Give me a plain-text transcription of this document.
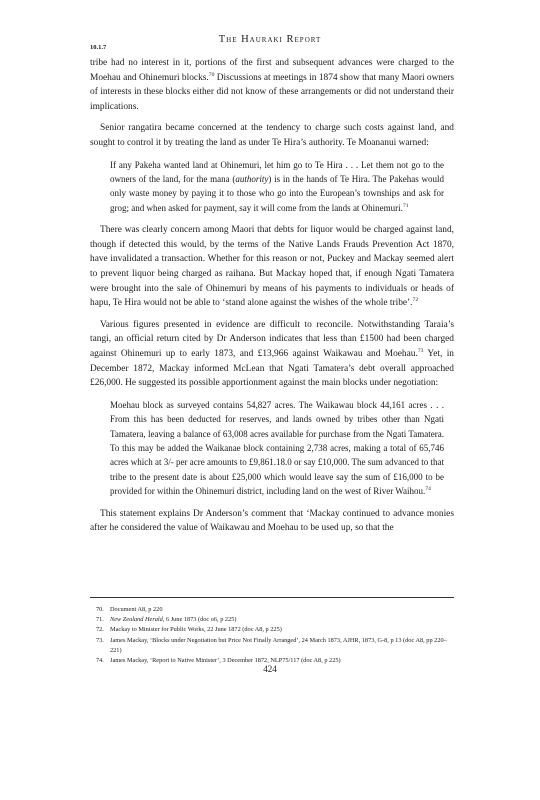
The Hauraki Report
10.1.7

tribe had no interest in it, portions of the first and subsequent advances were charged to the Moehau and Ohinemuri blocks.$^{70}$ Discussions at meetings in 1874 show that many Maori owners of interests in these blocks either did not know of these arrangements or did not understand their implications.

Senior rangatira became concerned at the tendency to charge such costs against land, and sought to control it by treating the land as under Te Hira’s authority. Te Moananui warned:

If any Pakeha wanted land at Ohinemuri, let him go to Te Hira . . . Let them not go to the owners of the land, for the mana (authority) is in the hands of Te Hira. The Pakehas would only waste money by paying it to those who go into the European’s townships and ask for grog; and when asked for payment, say it will come from the lands at Ohinemuri.$^{71}$

There was clearly concern among Maori that debts for liquor would be charged against land, though if detected this would, by the terms of the Native Lands Frauds Prevention Act 1870, have invalidated a transaction. Whether for this reason or not, Puckey and Mackay seemed alert to prevent liquor being charged as raihana. But Mackay hoped that, if enough Ngati Tamatera were brought into the sale of Ohinemuri by means of his payments to individuals or heads of hapu, Te Hira would not be able to ‘stand alone against the wishes of the whole tribe’.$^{72}$

Various figures presented in evidence are difficult to reconcile. Notwithstanding Taraia’s tangi, an official return cited by Dr Anderson indicates that less than £1500 had been charged against Ohinemuri up to early 1873, and £13,966 against Waikawau and Moehau.$^{73}$ Yet, in December 1872, Mackay informed McLean that Ngati Tamatera’s debt overall approached £26,000. He suggested its possible apportionment against the main blocks under negotiation:

Moehau block as surveyed contains 54,827 acres. The Waikawau block 44,161 acres . . . From this has been deducted for reserves, and lands owned by tribes other than Ngati Tamatera, leaving a balance of 63,008 acres available for purchase from the Ngati Tamatera. To this may be added the Waikanae block containing 2,738 acres, making a total of 65,746 acres which at 3/- per acre amounts to £9,861.18.0 or say £10,000. The sum advanced to that tribe to the present date is about £25,000 which would leave say the sum of £16,000 to be provided for within the Ohinemuri district, including land on the west of River Waihou.$^{74}$

This statement explains Dr Anderson’s comment that ‘Mackay continued to advance monies after he considered the value of Waikawau and Moehau to be used up, so that the

70. Document A8, p 220

71. New Zealand Herald, 6 June 1873 (doc o6, p 225)

72. Mackay to Minister for Public Works, 22 June 1872 (doc A8, p 225)

73. James Mackay, ‘Blocks under Negotiation but Price Not Finally Arranged’, 24 March 1873, AJHR, 1873, G-8, p 13 (doc A8, pp 220–221)

74. James Mackay, ‘Report to Native Minister’, 3 December 1872, NLP75/117 (doc A8, p 225)

424
